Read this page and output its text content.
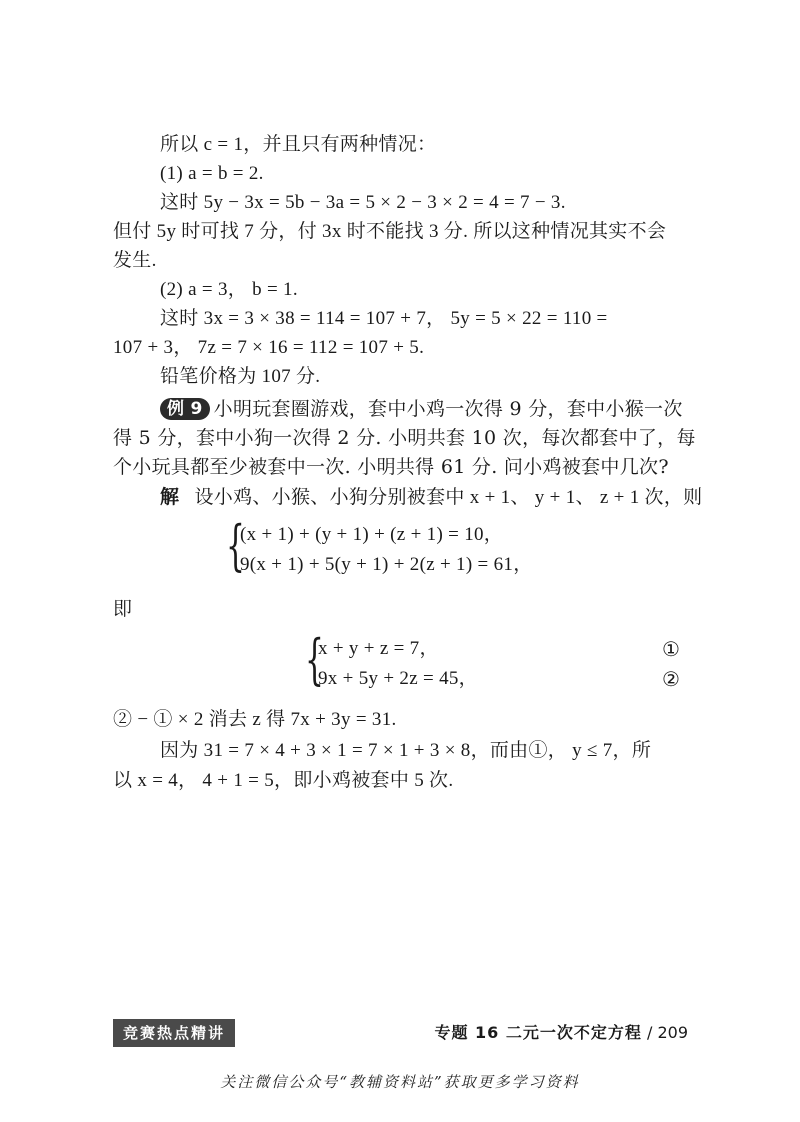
所以 c = 1，并且只有两种情况：
(1) a = b = 2.
这时 5y − 3x = 5b − 3a = 5 × 2 − 3 × 2 = 4 = 7 − 3.
但付 5y 时可找 7 分，付 3x 时不能找 3 分. 所以这种情况其实不会
发生.
(2) a = 3， b = 1.
这时 3x = 3 × 38 = 114 = 107 + 7， 5y = 5 × 22 = 110 =
107 + 3， 7z = 7 × 16 = 112 = 107 + 5.
铅笔价格为 107 分.
例 9 小明玩套圈游戏，套中小鸡一次得 9 分，套中小猴一次
得 5 分，套中小狗一次得 2 分. 小明共套 10 次，每次都套中了，每
个小玩具都至少被套中一次. 小明共得 61 分. 问小鸡被套中几次?
解 设小鸡、小猴、小狗分别被套中 x + 1、 y + 1、 z + 1 次，则
{
(x + 1) + (y + 1) + (z + 1) = 10，
9(x + 1) + 5(y + 1) + 2(z + 1) = 61，
即
{
x + y + z = 7，
9x + 5y + 2z = 45，
①
②
② − ① × 2 消去 z 得 7x + 3y = 31.
因为 31 = 7 × 4 + 3 × 1 = 7 × 1 + 3 × 8，而由①， y ≤ 7，所
以 x = 4， 4 + 1 = 5，即小鸡被套中 5 次.
竞赛热点精讲	专题 16 二元一次不定方程 / 209
关注微信公众号“教辅资料站”获取更多学习资料
